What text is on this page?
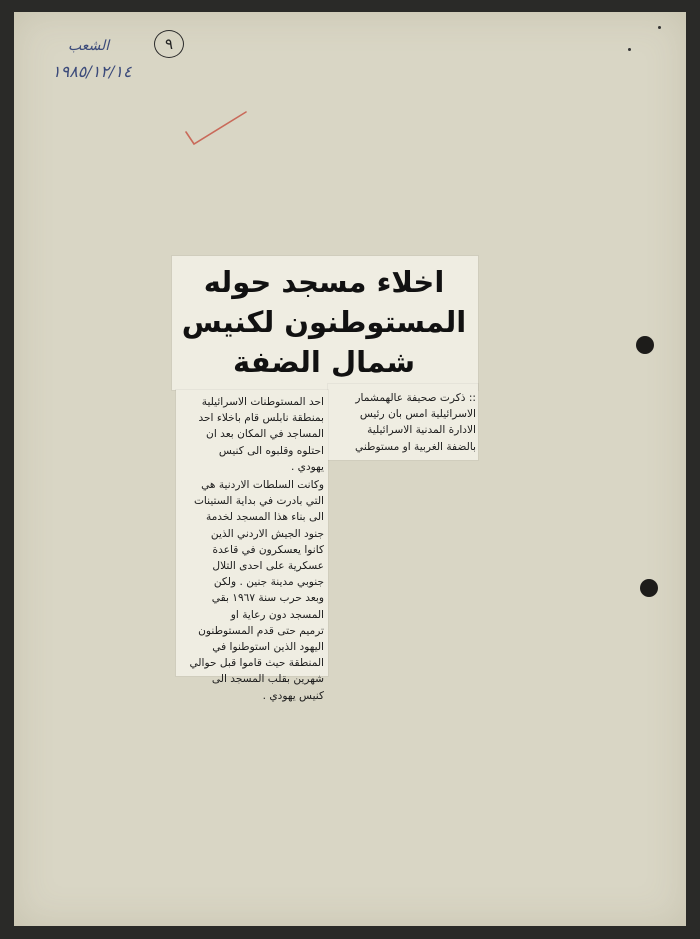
الشعب
١٩٨٥/١٢/١٤
٩
اخلاء مسجد حوله
المستوطنون لكنيس
شمال الضفة
:: ذكرت صحيفة عالهمشمار
الاسرائيلية امس بان رئيس
الادارة المدنية الاسرائيلية
بالضفة الغربية او مستوطني
احد المستوطنات الاسرائيلية
بمنطقة نابلس قام باخلاء احد
المساجد في المكان بعد ان
احتلوه وقلبوه الى كنيس
يهودي .
وكانت السلطات الاردنية هي
التي بادرت في بداية الستينات
الى بناء هذا المسجد لخدمة
جنود الجيش الاردني الذين
كانوا يعسكرون في قاعدة
عسكرية على احدى التلال
جنوبي مدينة جنين . ولكن
وبعد حرب سنة ١٩٦٧ بقي
المسجد دون رعاية او
ترميم حتى قدم المستوطنون
اليهود الذين استوطنوا في
المنطقة حيث قاموا قبل حوالي
شهرين بقلب المسجد الى
كنيس يهودي .
